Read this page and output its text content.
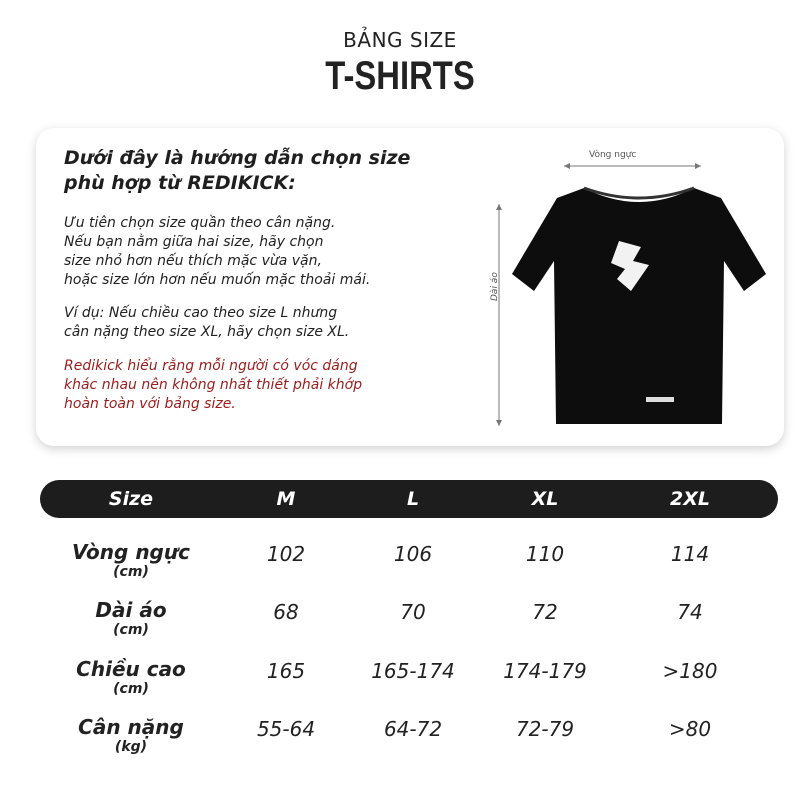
BẢNG SIZE
T-SHIRTS
Dưới đây là hướng dẫn chọn size
phù hợp từ REDIKICK:
Ưu tiên chọn size quần theo cân nặng.
Nếu bạn nằm giữa hai size, hãy chọn
size nhỏ hơn nếu thích mặc vừa vặn,
hoặc size lớn hơn nếu muốn mặc thoải mái.
Ví dụ: Nếu chiều cao theo size L nhưng
cân nặng theo size XL, hãy chọn size XL.
Redikick hiểu rằng mỗi người có vóc dáng
khác nhau nên không nhất thiết phải khớp
hoàn toàn với bảng size.
Vòng ngực
Dài áo
Size	M	L	XL	2XL
Vòng ngực
(cm)
102	106	110	114
Dài áo
(cm)
68	70	72	74
Chiều cao
(cm)
165	165-174	174-179	>180
Cân nặng
(kg)
55-64	64-72	72-79	>80
